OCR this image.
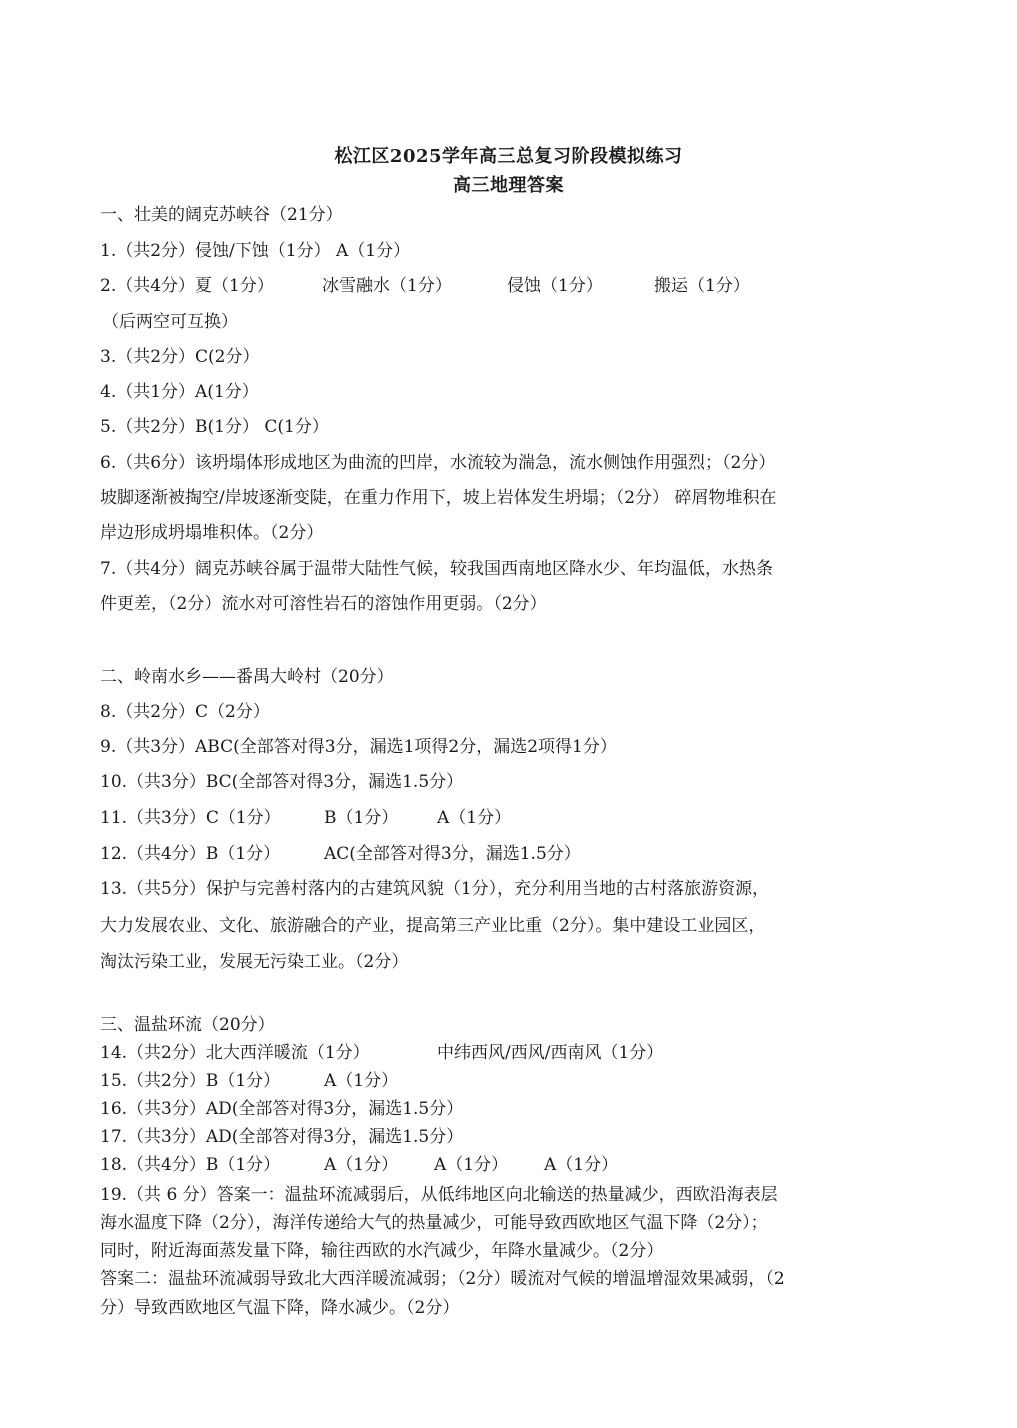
松江区2025学年高三总复习阶段模拟练习
高三地理答案
一、壮美的阔克苏峡谷（21分）
1.（共2分）侵蚀/下蚀（1分） A（1分）
2.（共4分）夏（1分）	冰雪融水（1分）	侵蚀（1分）	搬运（1分）
（后两空可互换）
3.（共2分）C(2分）
4.（共1分）A(1分）
5.（共2分）B(1分） C(1分）
6.（共6分）该坍塌体形成地区为曲流的凹岸，水流较为湍急，流水侧蚀作用强烈；（2分）
坡脚逐渐被掏空/岸坡逐渐变陡，在重力作用下，坡上岩体发生坍塌；（2分） 碎屑物堆积在
岸边形成坍塌堆积体。（2分）
7.（共4分）阔克苏峡谷属于温带大陆性气候，较我国西南地区降水少、年均温低，水热条
件更差，（2分）流水对可溶性岩石的溶蚀作用更弱。（2分）
二、岭南水乡——番禺大岭村（20分）
8.（共2分）C（2分）
9.（共3分）ABC(全部答对得3分，漏选1项得2分，漏选2项得1分）
10.（共3分）BC(全部答对得3分，漏选1.5分）
11.（共3分）C（1分）	B（1分） A（1分）
12.（共4分）B（1分）	AC(全部答对得3分，漏选1.5分）
13.（共5分）保护与完善村落内的古建筑风貌（1分），充分利用当地的古村落旅游资源，
大力发展农业、文化、旅游融合的产业，提高第三产业比重（2分）。集中建设工业园区，
淘汰污染工业，发展无污染工业。（2分）
三、温盐环流（20分）
14.（共2分）北大西洋暖流（1分）	中纬西风/西风/西南风（1分）
15.（共2分）B（1分）	A（1分）
16.（共3分）AD(全部答对得3分，漏选1.5分）
17.（共3分）AD(全部答对得3分，漏选1.5分）
18.（共4分）B（1分）	A（1分） A（1分） A（1分）
19.（共 6 分）答案一：温盐环流减弱后，从低纬地区向北输送的热量减少，西欧沿海表层
海水温度下降（2分），海洋传递给大气的热量减少，可能导致西欧地区气温下降（2分）；
同时，附近海面蒸发量下降，输往西欧的水汽减少，年降水量减少。（2分）
答案二：温盐环流减弱导致北大西洋暖流减弱；（2分）暖流对气候的增温增湿效果减弱，（2
分）导致西欧地区气温下降，降水减少。（2分）
